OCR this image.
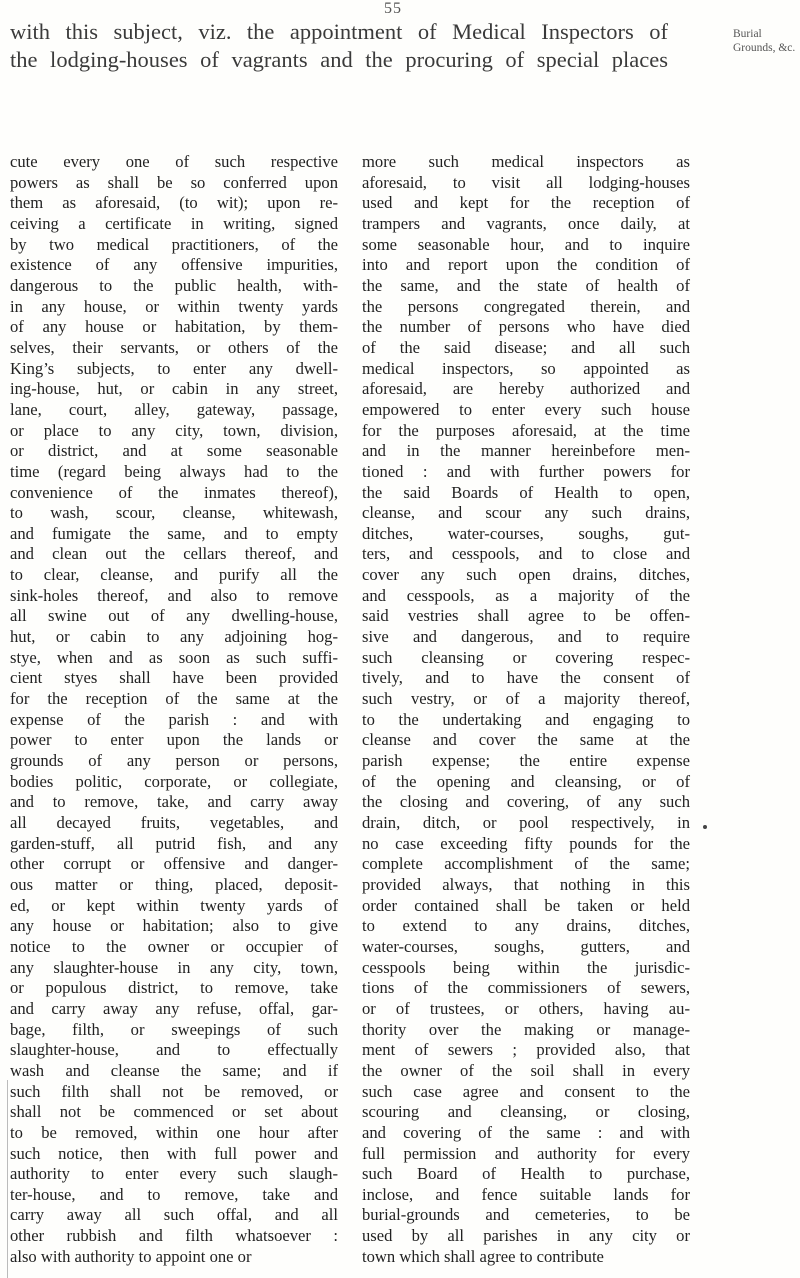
55
with this subject, viz. the appointment of Medical Inspectors of
the lodging-houses of vagrants and the procuring of special places
Burial
Grounds, &c.
cute every one of such respective
powers as shall be so conferred upon
them as aforesaid, (to wit); upon re-
ceiving a certificate in writing, signed
by two medical practitioners, of the
existence of any offensive impurities,
dangerous to the public health, with-
in any house, or within twenty yards
of any house or habitation, by them-
selves, their servants, or others of the
King’s subjects, to enter any dwell-
ing-house, hut, or cabin in any street,
lane, court, alley, gateway, passage,
or place to any city, town, division,
or district, and at some seasonable
time (regard being always had to the
convenience of the inmates thereof),
to wash, scour, cleanse, whitewash,
and fumigate the same, and to empty
and clean out the cellars thereof, and
to clear, cleanse, and purify all the
sink-holes thereof, and also to remove
all swine out of any dwelling-house,
hut, or cabin to any adjoining hog-
stye, when and as soon as such suffi-
cient styes shall have been provided
for the reception of the same at the
expense of the parish : and with
power to enter upon the lands or
grounds of any person or persons,
bodies politic, corporate, or collegiate,
and to remove, take, and carry away
all decayed fruits, vegetables, and
garden-stuff, all putrid fish, and any
other corrupt or offensive and danger-
ous matter or thing, placed, deposit-
ed, or kept within twenty yards of
any house or habitation; also to give
notice to the owner or occupier of
any slaughter-house in any city, town,
or populous district, to remove, take
and carry away any refuse, offal, gar-
bage, filth, or sweepings of such
slaughter-house, and to effectually
wash and cleanse the same; and if
such filth shall not be removed, or
shall not be commenced or set about
to be removed, within one hour after
such notice, then with full power and
authority to enter every such slaugh-
ter-house, and to remove, take and
carry away all such offal, and all
other rubbish and filth whatsoever :
also with authority to appoint one or
more such medical inspectors as
aforesaid, to visit all lodging-houses
used and kept for the reception of
trampers and vagrants, once daily, at
some seasonable hour, and to inquire
into and report upon the condition of
the same, and the state of health of
the persons congregated therein, and
the number of persons who have died
of the said disease; and all such
medical inspectors, so appointed as
aforesaid, are hereby authorized and
empowered to enter every such house
for the purposes aforesaid, at the time
and in the manner hereinbefore men-
tioned : and with further powers for
the said Boards of Health to open,
cleanse, and scour any such drains,
ditches, water-courses, soughs, gut-
ters, and cesspools, and to close and
cover any such open drains, ditches,
and cesspools, as a majority of the
said vestries shall agree to be offen-
sive and dangerous, and to require
such cleansing or covering respec-
tively, and to have the consent of
such vestry, or of a majority thereof,
to the undertaking and engaging to
cleanse and cover the same at the
parish expense; the entire expense
of the opening and cleansing, or of
the closing and covering, of any such
drain, ditch, or pool respectively, in
no case exceeding fifty pounds for the
complete accomplishment of the same;
provided always, that nothing in this
order contained shall be taken or held
to extend to any drains, ditches,
water-courses, soughs, gutters, and
cesspools being within the jurisdic-
tions of the commissioners of sewers,
or of trustees, or others, having au-
thority over the making or manage-
ment of sewers ; provided also, that
the owner of the soil shall in every
such case agree and consent to the
scouring and cleansing, or closing,
and covering of the same : and with
full permission and authority for every
such Board of Health to purchase,
inclose, and fence suitable lands for
burial-grounds and cemeteries, to be
used by all parishes in any city or
town which shall agree to contribute
